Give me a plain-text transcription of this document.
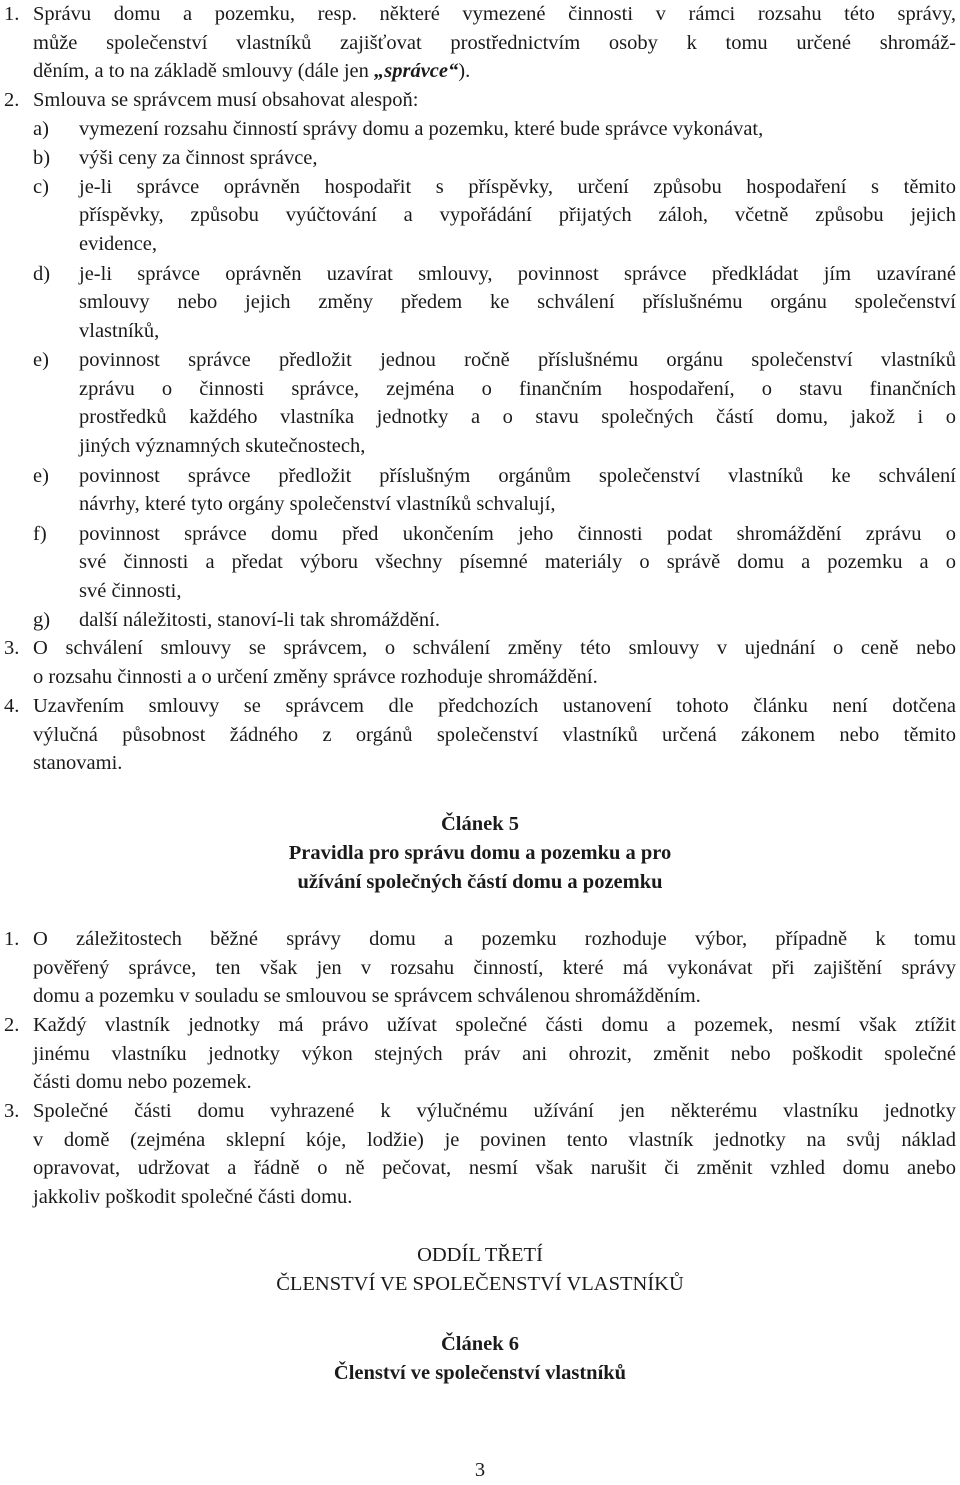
1. Správu domu a pozemku, resp. některé vymezené činnosti v rámci rozsahu této správy,
může společenství vlastníků zajišťovat prostřednictvím osoby k tomu určené shromáž-
děním, a to na základě smlouvy (dále jen „správce“).
2. Smlouva se správcem musí obsahovat alespoň:
a) vymezení rozsahu činností správy domu a pozemku, které bude správce vykonávat,
b) výši ceny za činnost správce,
c) je-li správce oprávněn hospodařit s příspěvky, určení způsobu hospodaření s těmito
příspěvky, způsobu vyúčtování a vypořádání přijatých záloh, včetně způsobu jejich
evidence,
d) je-li správce oprávněn uzavírat smlouvy, povinnost správce předkládat jím uzavírané
smlouvy nebo jejich změny předem ke schválení příslušnému orgánu společenství
vlastníků,
e) povinnost správce předložit jednou ročně příslušnému orgánu společenství vlastníků
zprávu o činnosti správce, zejména o finančním hospodaření, o stavu finančních
prostředků každého vlastníka jednotky a o stavu společných částí domu, jakož i o
jiných významných skutečnostech,
e) povinnost správce předložit příslušným orgánům společenství vlastníků ke schválení
návrhy, které tyto orgány společenství vlastníků schvalují,
f) povinnost správce domu před ukončením jeho činnosti podat shromáždění zprávu o
své činnosti a předat výboru všechny písemné materiály o správě domu a pozemku a o
své činnosti,
g) další náležitosti, stanoví-li tak shromáždění.
3. O schválení smlouvy se správcem, o schválení změny této smlouvy v ujednání o ceně nebo
o rozsahu činnosti a o určení změny správce rozhoduje shromáždění.
4. Uzavřením smlouvy se správcem dle předchozích ustanovení tohoto článku není dotčena
výlučná působnost žádného z orgánů společenství vlastníků určená zákonem nebo těmito
stanovami.
Článek 5
Pravidla pro správu domu a pozemku a pro
užívání společných částí domu a pozemku
1. O záležitostech běžné správy domu a pozemku rozhoduje výbor, případně k tomu
pověřený správce, ten však jen v rozsahu činností, které má vykonávat při zajištění správy
domu a pozemku v souladu se smlouvou se správcem schválenou shromážděním.
2. Každý vlastník jednotky má právo užívat společné části domu a pozemek, nesmí však ztížit
jinému vlastníku jednotky výkon stejných práv ani ohrozit, změnit nebo poškodit společné
části domu nebo pozemek.
3. Společné části domu vyhrazené k výlučnému užívání jen některému vlastníku jednotky
v domě (zejména sklepní kóje, lodžie) je povinen tento vlastník jednotky na svůj náklad
opravovat, udržovat a řádně o ně pečovat, nesmí však narušit či změnit vzhled domu anebo
jakkoliv poškodit společné části domu.
ODDÍL TŘETÍ
ČLENSTVÍ VE SPOLEČENSTVÍ VLASTNÍKŮ
Článek 6
Členství ve společenství vlastníků
3
